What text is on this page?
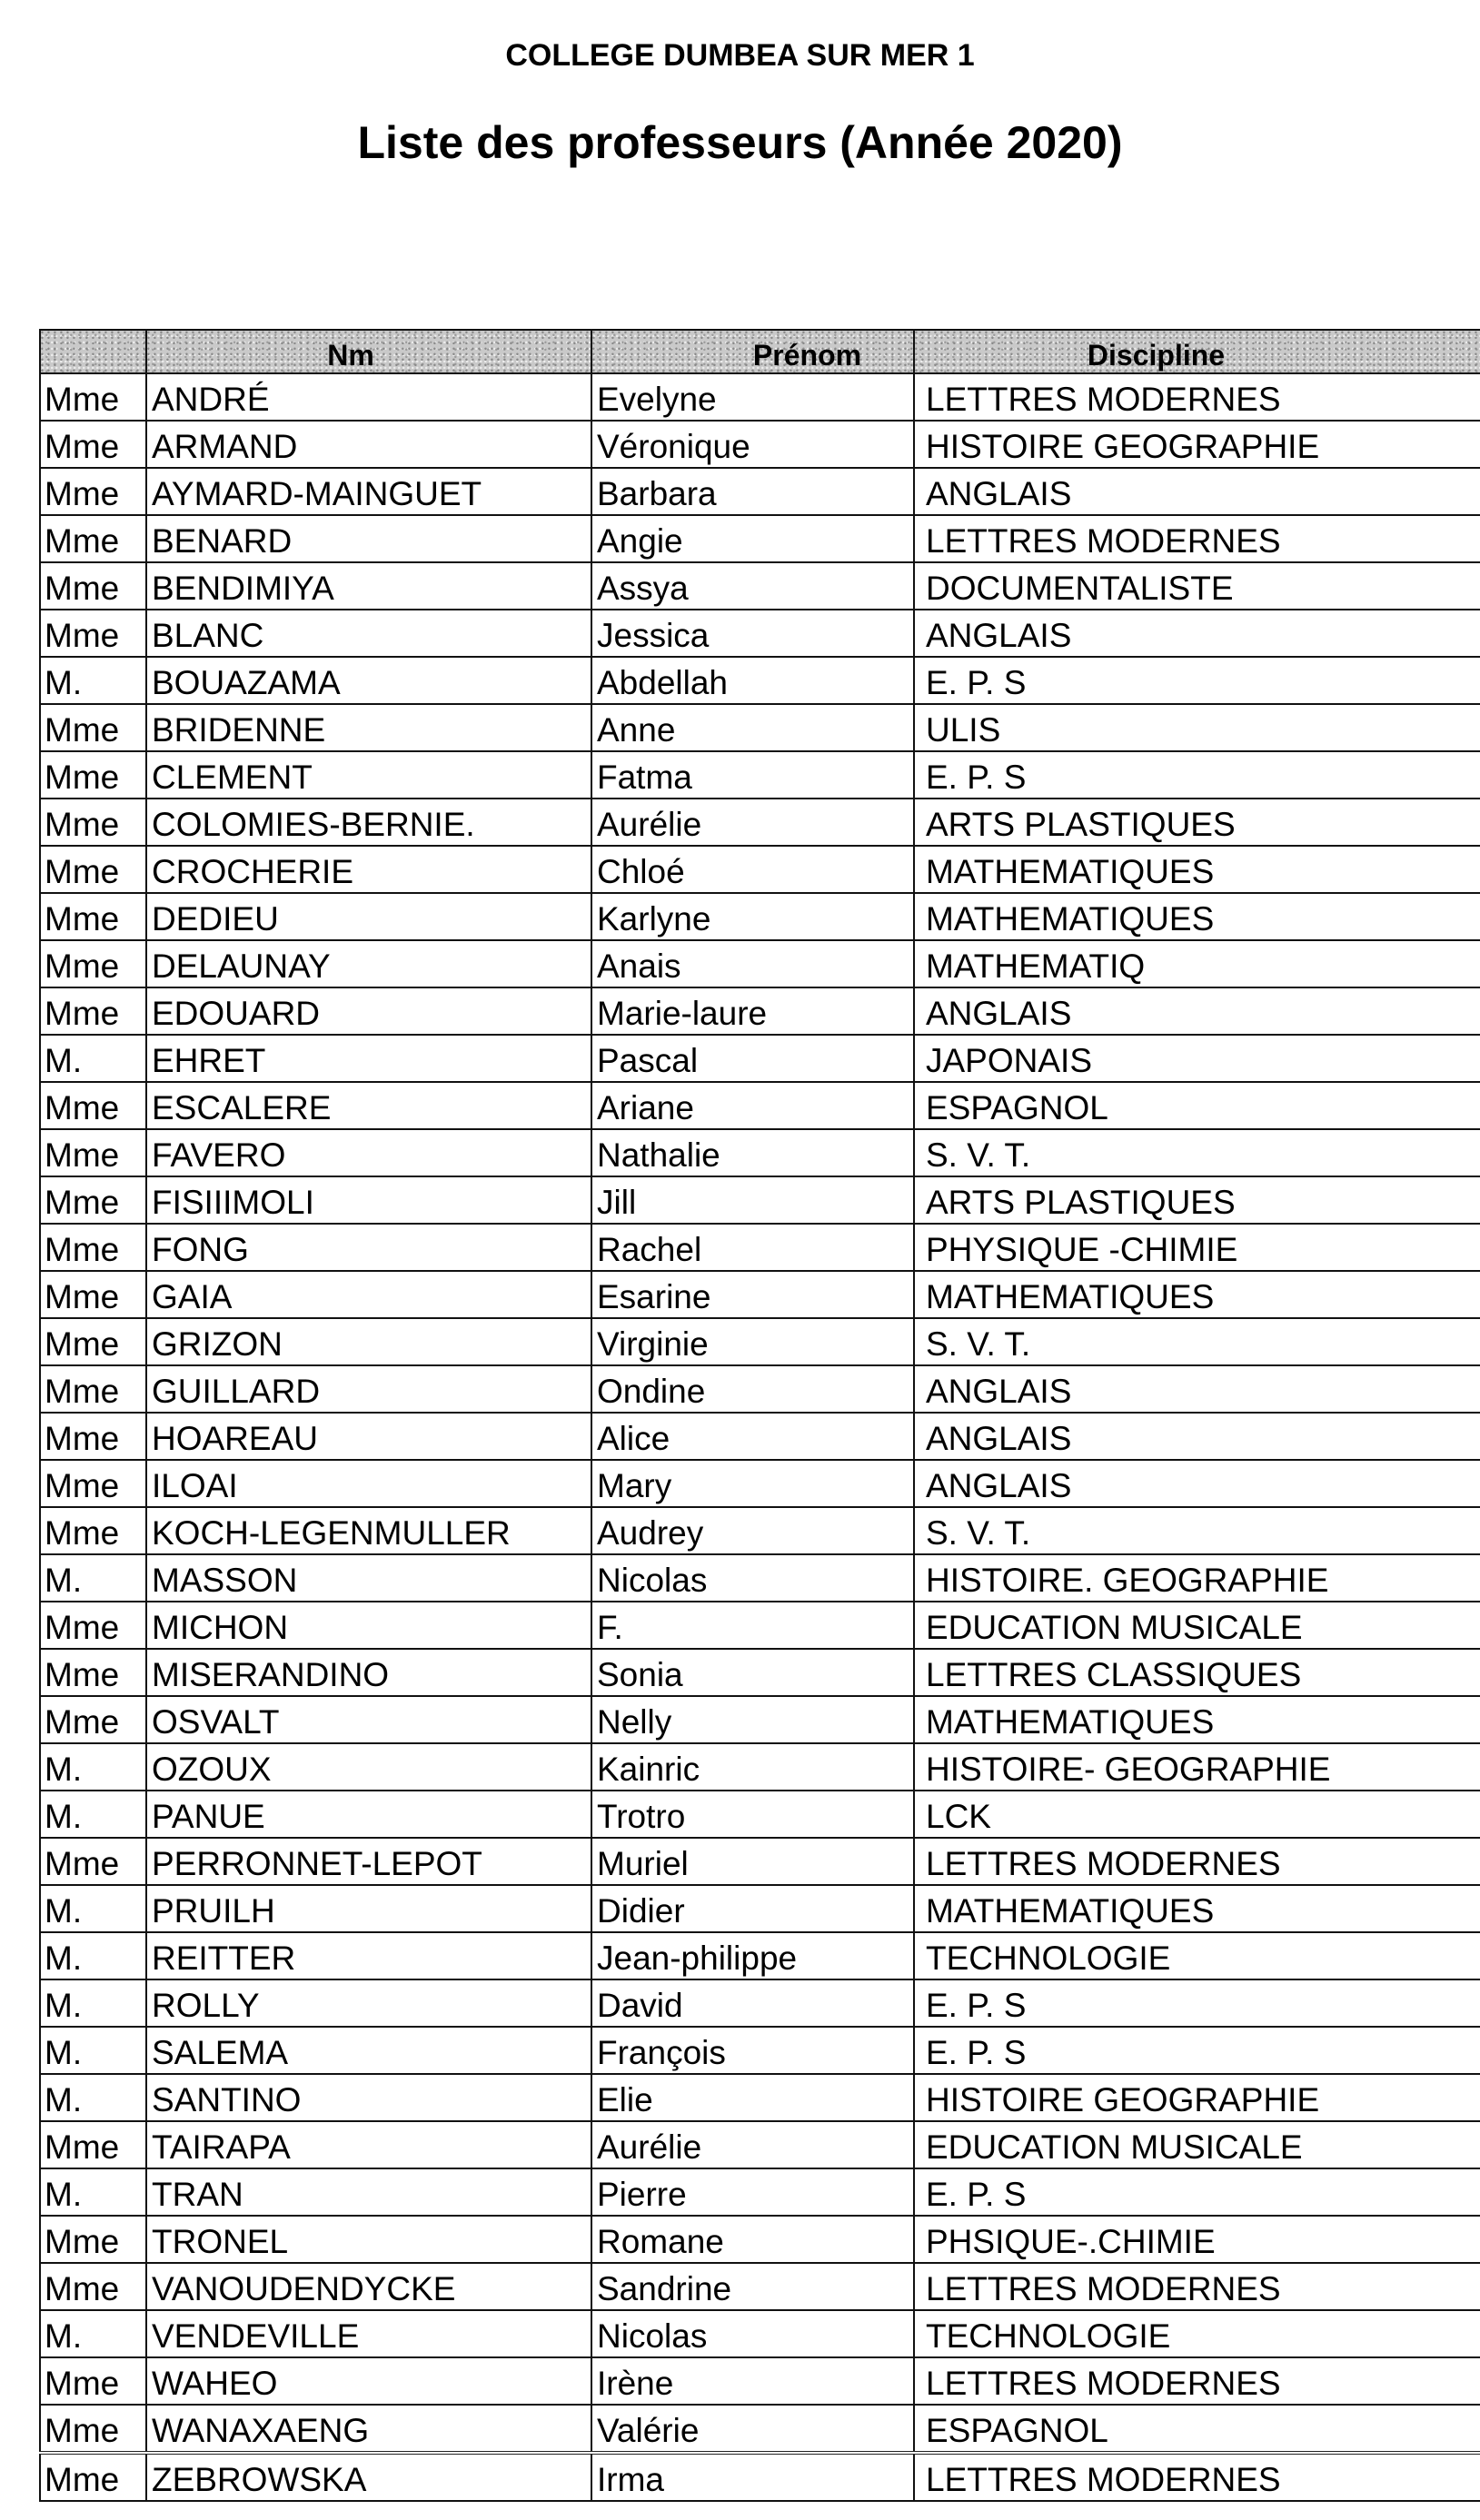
COLLEGE DUMBEA SUR MER 1
Liste des professeurs (Année 2020)
	Nm	Prénom	Discipline
Mme	ANDRÉ	Evelyne	LETTRES MODERNES
Mme	ARMAND	Véronique	HISTOIRE GEOGRAPHIE
Mme	AYMARD-MAINGUET	Barbara	ANGLAIS
Mme	BENARD	Angie	LETTRES MODERNES
Mme	BENDIMIYA	Assya	DOCUMENTALISTE
Mme	BLANC	Jessica	ANGLAIS
M.	BOUAZAMA	Abdellah	E. P. S
Mme	BRIDENNE	Anne	ULIS
Mme	CLEMENT	Fatma	E. P. S
Mme	COLOMIES-BERNIE.	Aurélie	ARTS PLASTIQUES
Mme	CROCHERIE	Chloé	MATHEMATIQUES
Mme	DEDIEU	Karlyne	MATHEMATIQUES
Mme	DELAUNAY	Anais	MATHEMATIQ
Mme	EDOUARD	Marie-laure	ANGLAIS
M.	EHRET	Pascal	JAPONAIS
Mme	ESCALERE	Ariane	ESPAGNOL
Mme	FAVERO	Nathalie	S. V. T.
Mme	FISIIIMOLI	Jill	ARTS PLASTIQUES
Mme	FONG	Rachel	PHYSIQUE -CHIMIE
Mme	GAIA	Esarine	MATHEMATIQUES
Mme	GRIZON	Virginie	S. V. T.
Mme	GUILLARD	Ondine	ANGLAIS
Mme	HOAREAU	Alice	ANGLAIS
Mme	ILOAI	Mary	ANGLAIS
Mme	KOCH-LEGENMULLER	Audrey	S. V. T.
M.	MASSON	Nicolas	HISTOIRE. GEOGRAPHIE
Mme	MICHON	F.	EDUCATION MUSICALE
Mme	MISERANDINO	Sonia	LETTRES CLASSIQUES
Mme	OSVALT	Nelly	MATHEMATIQUES
M.	OZOUX	Kainric	HISTOIRE- GEOGRAPHIE
M.	PANUE	Trotro	LCK
Mme	PERRONNET-LEPOT	Muriel	LETTRES MODERNES
M.	PRUILH	Didier	MATHEMATIQUES
M.	REITTER	Jean-philippe	TECHNOLOGIE
M.	ROLLY	David	E. P. S
M.	SALEMA	François	E. P. S
M.	SANTINO	Elie	HISTOIRE GEOGRAPHIE
Mme	TAIRAPA	Aurélie	EDUCATION MUSICALE
M.	TRAN	Pierre	E. P. S
Mme	TRONEL	Romane	PHSIQUE-.CHIMIE
Mme	VANOUDENDYCKE	Sandrine	LETTRES MODERNES
M.	VENDEVILLE	Nicolas	TECHNOLOGIE
Mme	WAHEO	Irène	LETTRES MODERNES
Mme	WANAXAENG	Valérie	ESPAGNOL
Mme	ZEBROWSKA	Irma	LETTRES MODERNES
